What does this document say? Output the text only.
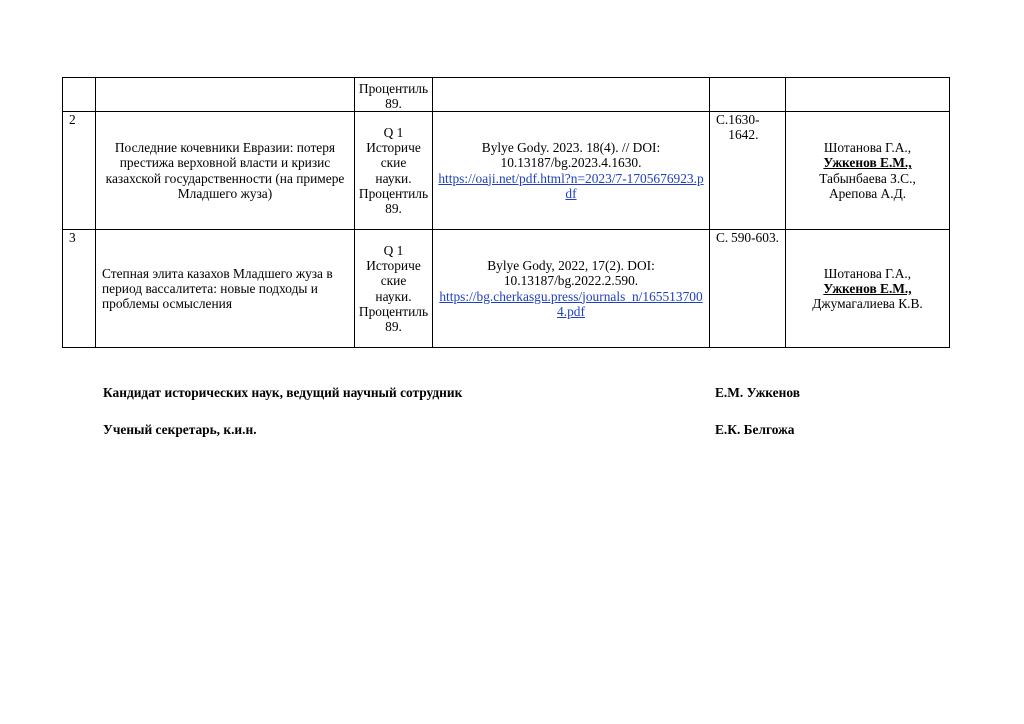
		Процентиль 89.			

2	Последние кочевники Евразии: потеря престижа верховной власти и кризис казахской государственности (на примере Младшего жуза)	Q 1
Историче
ские
науки.
Процентиль 89.	Bylye Gody. 2023. 18(4). // DOI: 10.13187/bg.2023.4.1630.
https://oaji.net/pdf.html?n=2023/7-1705676923.pdf	С. 1630-1642.	Шотанова Г.А.,
Ужкенов Е.М.,
Табынбаева З.С.,
Арепова А.Д.

3	Степная элита казахов Младшего жуза в период вассалитета: новые подходы и проблемы осмысления	Q 1
Историче
ские
науки.
Процентиль 89.	Bylye Gody, 2022, 17(2). DOI: 10.13187/bg.2022.2.590.
https://bg.cherkasgu.press/journals_n/1655137004.pdf	С. 590-603.	Шотанова Г.А.,
Ужкенов Е.М.,
Джумагалиева К.В.
Кандидат исторических наук, ведущий научный сотрудник	Е.М. Ужкенов
Ученый секретарь, к.и.н.	Е.К. Белгожа
